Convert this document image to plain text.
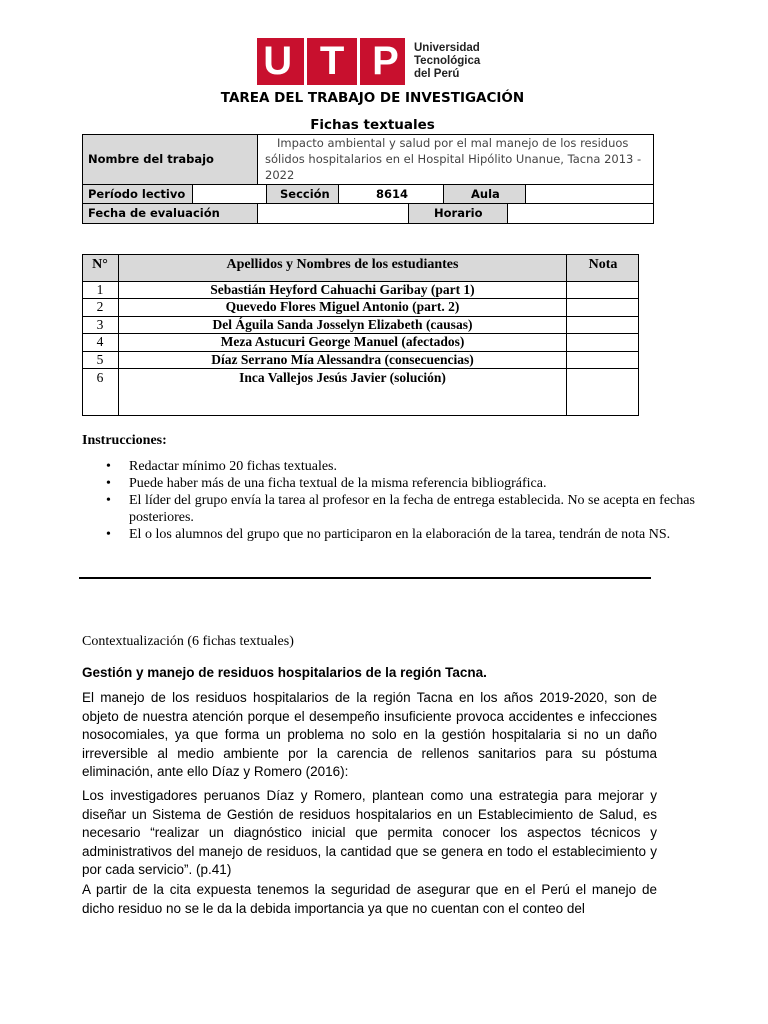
U T P Universidad
Tecnológica
del Perú
TAREA DEL TRABAJO DE INVESTIGACIÓN
Fichas textuales
Nombre del trabajo
Impacto ambiental y salud por el mal manejo de los residuos
sólidos hospitalarios en el Hospital Hipólito Unanue, Tacna 2013 -
2022
Período lectivo	Sección	8614	Aula
Fecha de evaluación	Horario
N°	Apellidos y Nombres de los estudiantes	Nota
1	Sebastián Heyford Cahuachi Garibay (part 1)
2	Quevedo Flores Miguel Antonio (part. 2)
3	Del Águila Sanda Josselyn Elizabeth (causas)
4	Meza Astucuri George Manuel (afectados)
5	Díaz Serrano Mía Alessandra (consecuencias)
6	Inca Vallejos Jesús Javier (solución)
Instrucciones:
• Redactar mínimo 20 fichas textuales.
• Puede haber más de una ficha textual de la misma referencia bibliográfica.
• El líder del grupo envía la tarea al profesor en la fecha de entrega establecida. No se acepta en fechas posteriores.
• El o los alumnos del grupo que no participaron en la elaboración de la tarea, tendrán de nota NS.
Contextualización (6 fichas textuales)
Gestión y manejo de residuos hospitalarios de la región Tacna.

El manejo de los residuos hospitalarios de la región Tacna en los años 2019-2020, son de objeto de nuestra atención porque el desempeño insuficiente provoca accidentes e infecciones nosocomiales, ya que forma un problema no solo en la gestión hospitalaria si no un daño irreversible al medio ambiente por la carencia de rellenos sanitarios para su póstuma eliminación, ante ello Díaz y Romero (2016):

Los investigadores peruanos Díaz y Romero, plantean como una estrategia para mejorar y diseñar un Sistema de Gestión de residuos hospitalarios en un Establecimiento de Salud, es necesario “realizar un diagnóstico inicial que permita conocer los aspectos técnicos y administrativos del manejo de residuos, la cantidad que se genera en todo el establecimiento y por cada servicio”. (p.41)

A partir de la cita expuesta tenemos la seguridad de asegurar que en el Perú el manejo de dicho residuo no se le da la debida importancia ya que no cuentan con el conteo del
